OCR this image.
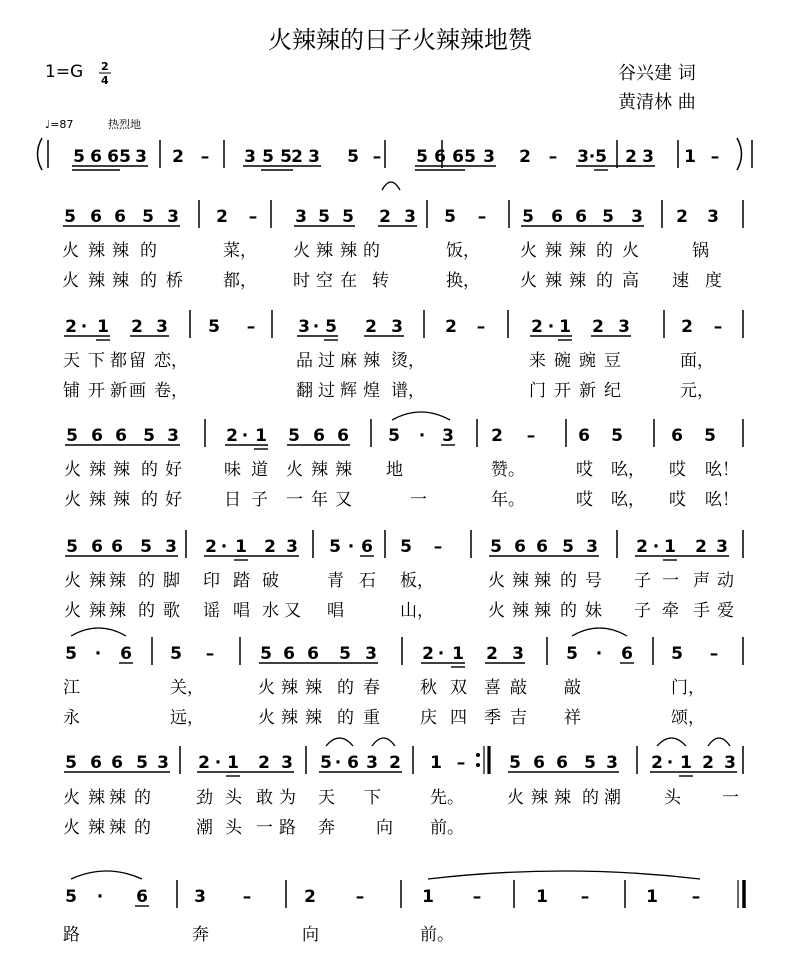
火辣辣的日子火辣辣地赞
1=G 2
4	谷兴建 词
黄清林 曲
♩=87	热烈地
5 6 6 5 3 2 – 3 5 5 2 3 5 – 5 6 6 5 3 2 – 3 · 5 2 3 1 –
5 6 6 5 3 2 – 3 5 5 2 3 5 – 5 6 6 5 3 2 3
火 辣 辣 的	菜， 火 辣 辣 的	饭， 火 辣 辣 的 火	锅
火 辣 辣 的 桥 都， 时 空 在 转	换， 火 辣 辣 的 高 速 度
2 · 1 2 3 5 –	3 · 5 2 3 2 –	2 · 1 2 3	2 –
天 下 都 留 恋，	品 过 麻 辣 烫，	来 碗 豌 豆	面，
铺 开 新 画 卷，	翻 过 辉 煌 谱，	门 开 新 纪	元，
5 6 6 5 3	2 · 1 5 6 6 5 · 3 2 –	6 5	6 5
火 辣 辣 的 好 味 道 火 辣 辣 地	赞。	哎 吆， 哎 吆！
火 辣 辣 的 好 日 子 一 年 又	一	年。	哎 吆， 哎 吆！
5 6 6 5 3 2 · 1 2 3 5 · 6 5 –	5 6 6 5 3 2 · 1 2 3
火 辣 辣 的 脚 印 踏 破	青 石 板，	火 辣 辣 的 号 子 一 声 动
火 辣 辣 的 歌 谣 唱 水 又 唱	山，	火 辣 辣 的 妹 子 牵 手 爱
5 · 6 5 –	5 6 6 5 3	2 · 1 2 3 5 · 6 5 –
江	关，	火 辣 辣 的 春 秋 双 喜 敲 敲	门，
永	远，	火 辣 辣 的 重 庆 四 季 吉 祥	颂，
5 6 6 5 3 2 · 1 2 3 5 · 6 3 2 1 –	5 6 6 5 3 2 · 1 2 3
火 辣 辣 的	劲 头 敢 为 天 下	先。	火 辣 辣 的 潮	头 一
火 辣 辣 的	潮 头 一 路 奔 向 前。
5 · 6	3 –	2 –	1 –	1 –	1 –
路	奔	向	前。
